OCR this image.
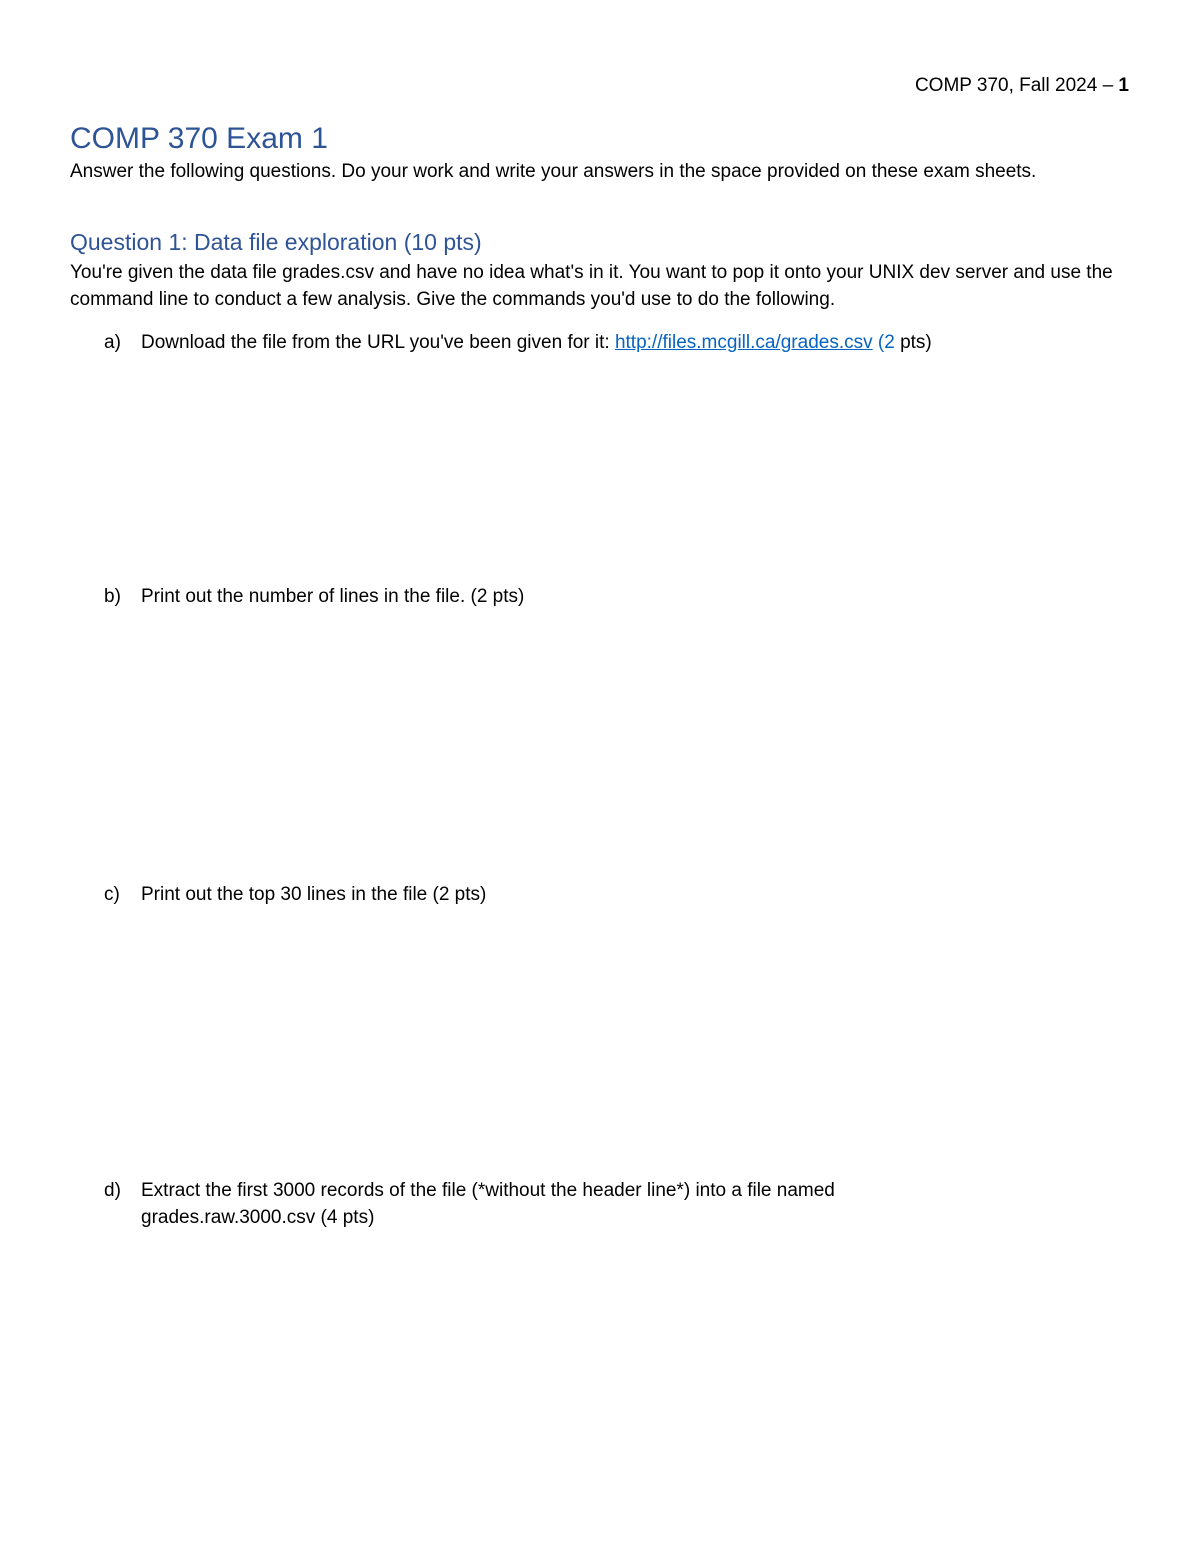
COMP 370, Fall 2024 – 1
COMP 370 Exam 1

Answer the following questions. Do your work and write your answers in the space provided on these exam sheets.

Question 1: Data file exploration (10 pts)

You're given the data file grades.csv and have no idea what's in it. You want to pop it onto your UNIX dev server and use the command line to conduct a few analysis. Give the commands you'd use to do the following.

a)	Download the file from the URL you've been given for it: http://files.mcgill.ca/grades.csv (2 pts)
b)	Print out the number of lines in the file. (2 pts)
c)	Print out the top 30 lines in the file (2 pts)
d)	Extract the first 3000 records of the file (*without the header line*) into a file named grades.raw.3000.csv (4 pts)
